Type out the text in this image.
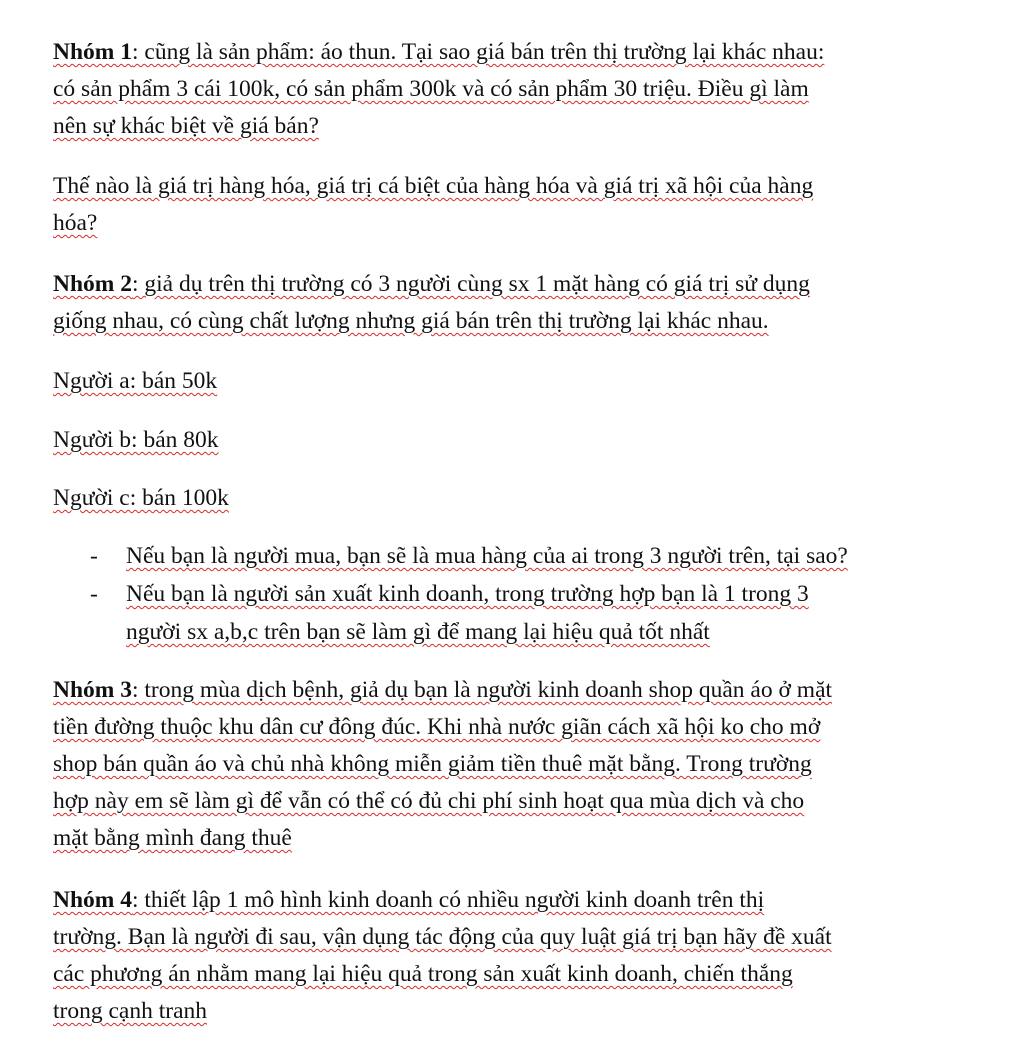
Nhóm 1: cũng là sản phẩm: áo thun. Tại sao giá bán trên thị trường lại khác nhau:
có sản phẩm 3 cái 100k, có sản phẩm 300k và có sản phẩm 30 triệu. Điều gì làm
nên sự khác biệt về giá bán?
Thế nào là giá trị hàng hóa, giá trị cá biệt của hàng hóa và giá trị xã hội của hàng
hóa?
Nhóm 2: giả dụ trên thị trường có 3 người cùng sx 1 mặt hàng có giá trị sử dụng
giống nhau, có cùng chất lượng nhưng giá bán trên thị trường lại khác nhau.
Người a: bán 50k
Người b: bán 80k
Người c: bán 100k
- Nếu bạn là người mua, bạn sẽ là mua hàng của ai trong 3 người trên, tại sao?
- Nếu bạn là người sản xuất kinh doanh, trong trường hợp bạn là 1 trong 3
người sx a,b,c trên bạn sẽ làm gì để mang lại hiệu quả tốt nhất
Nhóm 3: trong mùa dịch bệnh, giả dụ bạn là người kinh doanh shop quần áo ở mặt
tiền đường thuộc khu dân cư đông đúc. Khi nhà nước giãn cách xã hội ko cho mở
shop bán quần áo và chủ nhà không miễn giảm tiền thuê mặt bằng. Trong trường
hợp này em sẽ làm gì để vẫn có thể có đủ chi phí sinh hoạt qua mùa dịch và cho
mặt bằng mình đang thuê
Nhóm 4: thiết lập 1 mô hình kinh doanh có nhiều người kinh doanh trên thị
trường. Bạn là người đi sau, vận dụng tác động của quy luật giá trị bạn hãy đề xuất
các phương án nhằm mang lại hiệu quả trong sản xuất kinh doanh, chiến thắng
trong cạnh tranh
